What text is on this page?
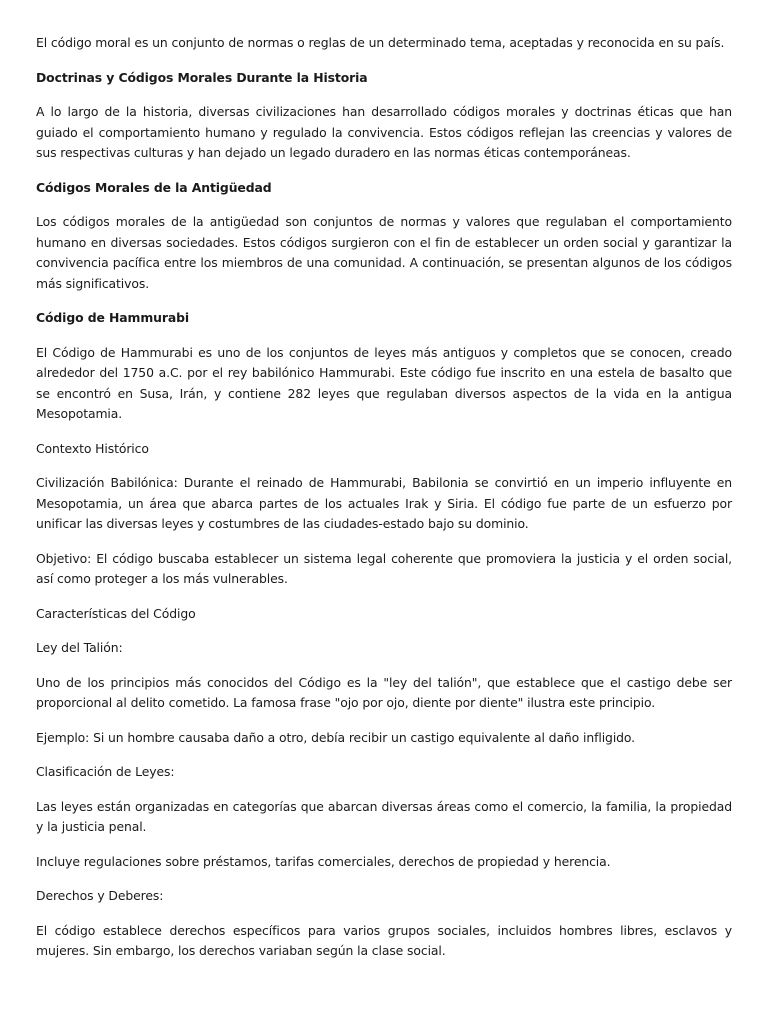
El código moral es un conjunto de normas o reglas de un determinado tema, aceptadas y reconocida en su país.

Doctrinas y Códigos Morales Durante la Historia

A lo largo de la historia, diversas civilizaciones han desarrollado códigos morales y doctrinas éticas que han guiado el comportamiento humano y regulado la convivencia. Estos códigos reflejan las creencias y valores de sus respectivas culturas y han dejado un legado duradero en las normas éticas contemporáneas.

Códigos Morales de la Antigüedad

Los códigos morales de la antigüedad son conjuntos de normas y valores que regulaban el comportamiento humano en diversas sociedades. Estos códigos surgieron con el fin de establecer un orden social y garantizar la convivencia pacífica entre los miembros de una comunidad. A continuación, se presentan algunos de los códigos más significativos.

Código de Hammurabi

El Código de Hammurabi es uno de los conjuntos de leyes más antiguos y completos que se conocen, creado alrededor del 1750 a.C. por el rey babilónico Hammurabi. Este código fue inscrito en una estela de basalto que se encontró en Susa, Irán, y contiene 282 leyes que regulaban diversos aspectos de la vida en la antigua Mesopotamia.

Contexto Histórico

Civilización Babilónica: Durante el reinado de Hammurabi, Babilonia se convirtió en un imperio influyente en Mesopotamia, un área que abarca partes de los actuales Irak y Siria. El código fue parte de un esfuerzo por unificar las diversas leyes y costumbres de las ciudades-estado bajo su dominio.

Objetivo: El código buscaba establecer un sistema legal coherente que promoviera la justicia y el orden social, así como proteger a los más vulnerables.

Características del Código

Ley del Talión:

Uno de los principios más conocidos del Código es la "ley del talión", que establece que el castigo debe ser proporcional al delito cometido. La famosa frase "ojo por ojo, diente por diente" ilustra este principio.

Ejemplo: Si un hombre causaba daño a otro, debía recibir un castigo equivalente al daño infligido.

Clasificación de Leyes:

Las leyes están organizadas en categorías que abarcan diversas áreas como el comercio, la familia, la propiedad y la justicia penal.

Incluye regulaciones sobre préstamos, tarifas comerciales, derechos de propiedad y herencia.

Derechos y Deberes:

El código establece derechos específicos para varios grupos sociales, incluidos hombres libres, esclavos y mujeres. Sin embargo, los derechos variaban según la clase social.
